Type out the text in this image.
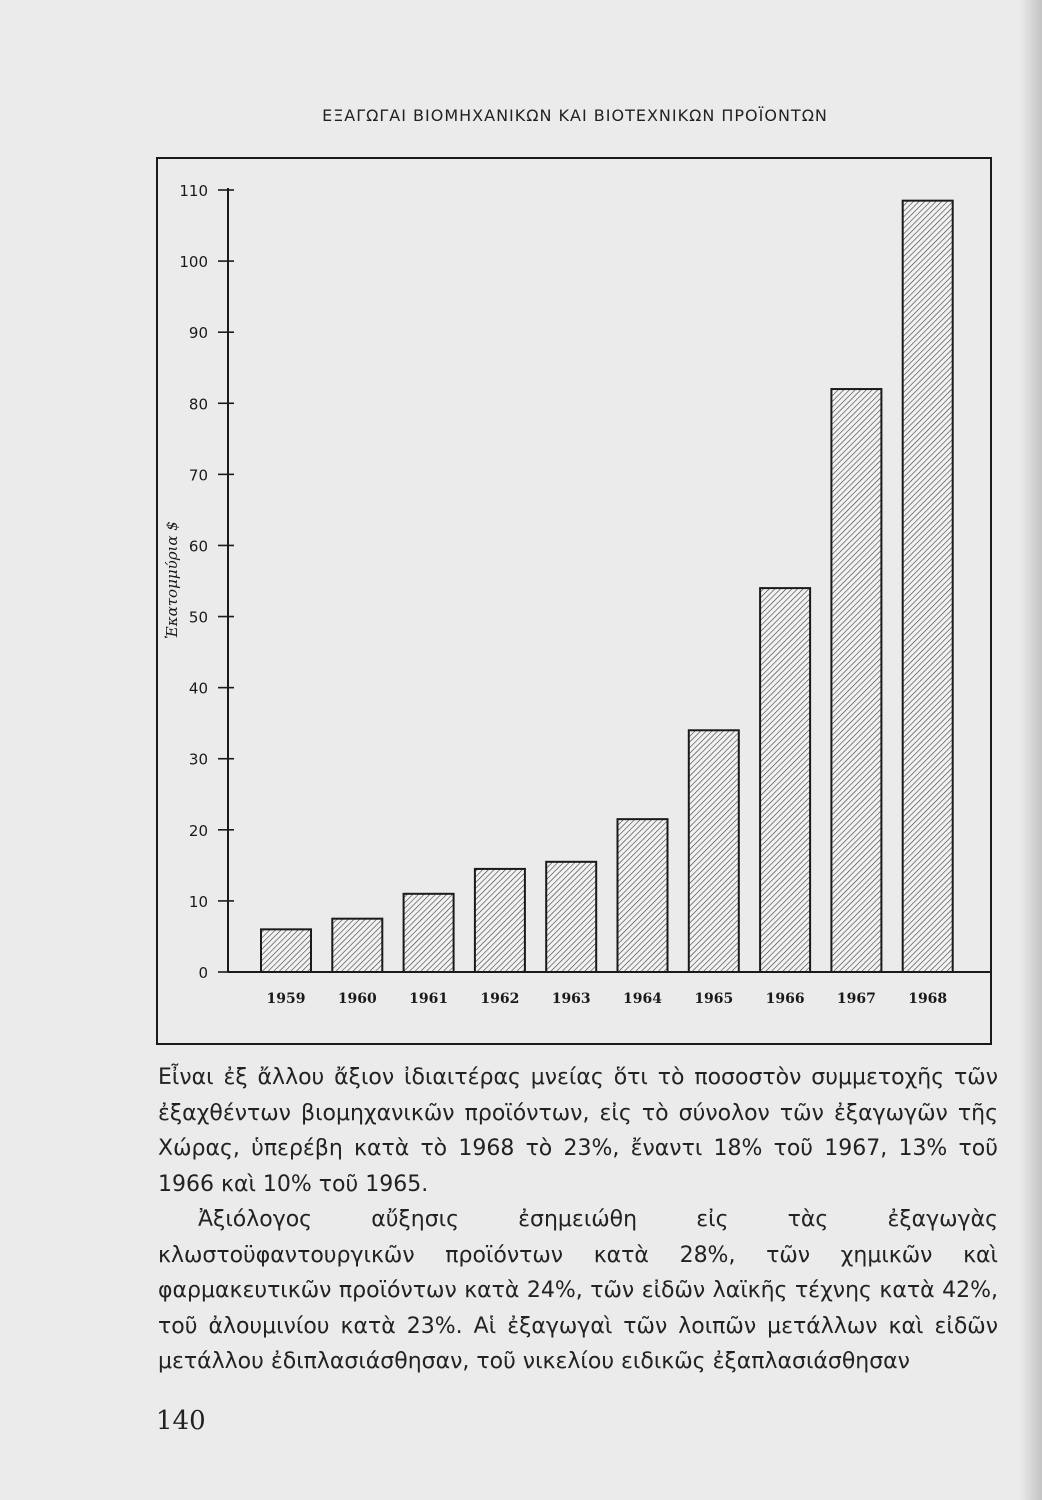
ΕΞΑΓΩΓΑΙ ΒΙΟΜΗΧΑΝΙΚΩΝ ΚΑΙ ΒΙΟΤΕΧΝΙΚΩΝ ΠΡΟΪΟΝΤΩΝ
0
10
20
30
40
50
60
70
80
90
100
110
1959 1960 1961 1962 1963 1964 1965 1966 1967 1968
Ἑκατομμύρια $

Εἶναι ἐξ ἄλλου ἄξιον ἰδιαιτέρας μνείας ὅτι τὸ ποσοστὸν συμμετοχῆς τῶν ἐξαχθέντων βιομηχανικῶν προϊόντων, εἰς τὸ σύνολον τῶν ἐξαγωγῶν τῆς Χώρας, ὑπερέβη κατὰ τὸ 1968 τὸ 23%, ἔναντι 18% τοῦ 1967, 13% τοῦ 1966 καὶ 10% τοῦ 1965.

Ἀξιόλογος αὔξησις ἐσημειώθη εἰς τὰς ἐξαγωγὰς κλωστοϋφαντουργικῶν προϊόντων κατὰ 28%, τῶν χημικῶν καὶ φαρμακευτικῶν προϊόντων κατὰ 24%, τῶν εἰδῶν λαϊκῆς τέχνης κατὰ 42%, τοῦ ἀλουμινίου κατὰ 23%. Αἱ ἐξαγωγαὶ τῶν λοιπῶν μετάλλων καὶ εἰδῶν μετάλλου ἐδιπλασιάσθησαν, τοῦ νικελίου ειδικῶς ἐξαπλασιάσθησαν

140
